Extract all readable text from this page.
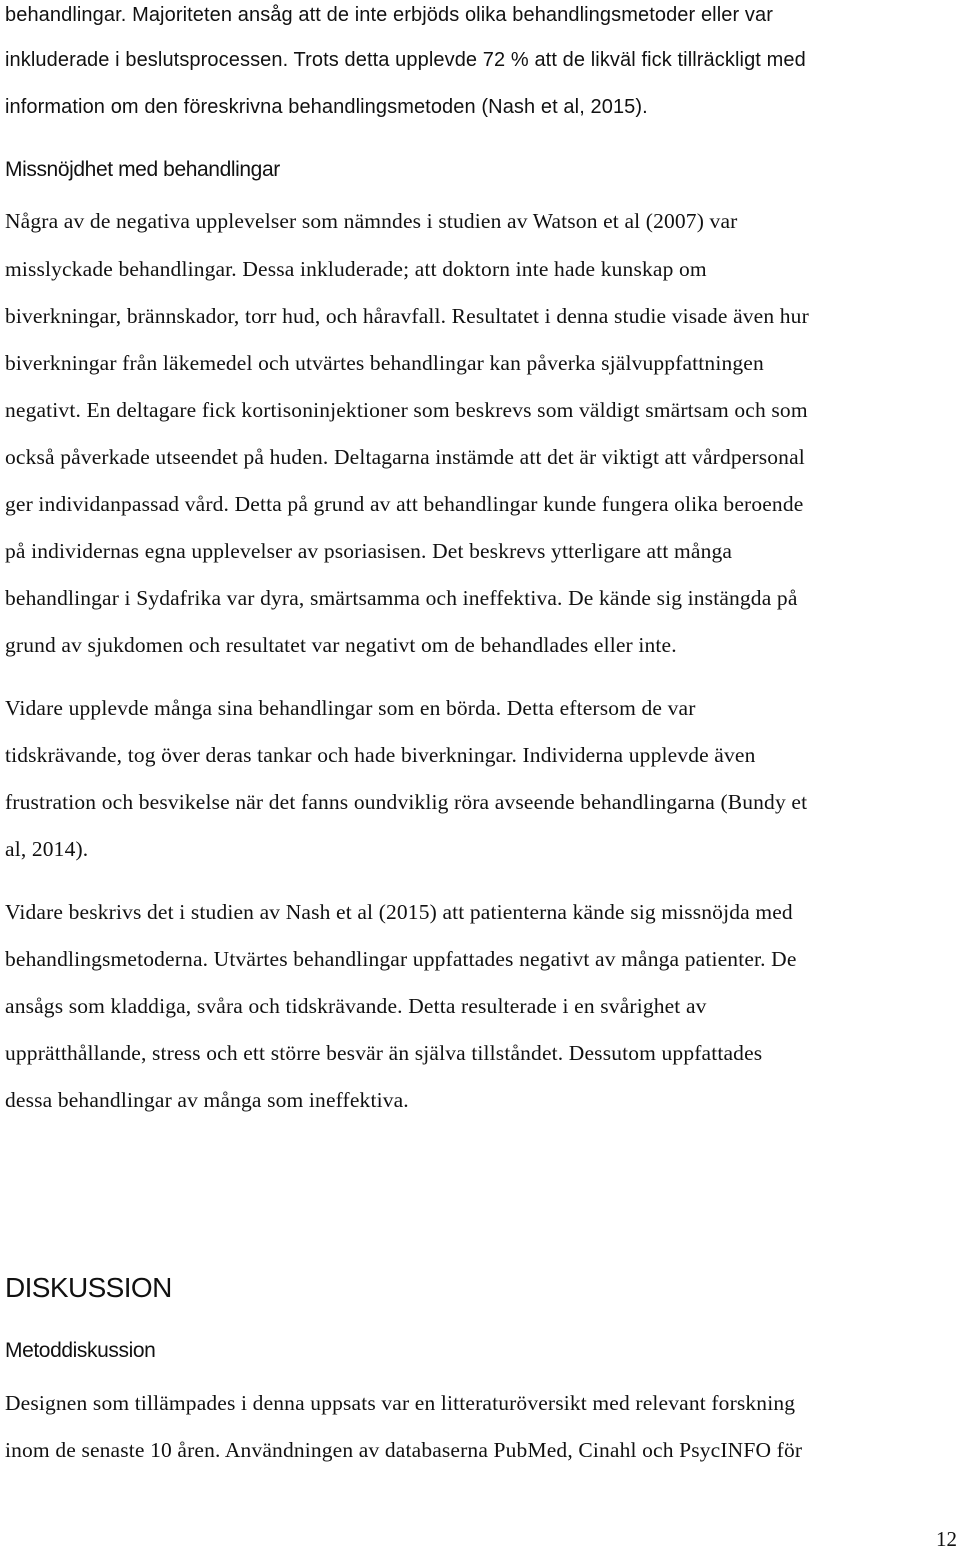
behandlingar. Majoriteten ansåg att de inte erbjöds olika behandlingsmetoder eller var
inkluderade i beslutsprocessen. Trots detta upplevde 72 % att de likväl fick tillräckligt med
information om den föreskrivna behandlingsmetoden (Nash et al, 2015).
Missnöjdhet med behandlingar
Några av de negativa upplevelser som nämndes i studien av Watson et al (2007) var
misslyckade behandlingar. Dessa inkluderade; att doktorn inte hade kunskap om
biverkningar, brännskador, torr hud, och håravfall. Resultatet i denna studie visade även hur
biverkningar från läkemedel och utvärtes behandlingar kan påverka självuppfattningen
negativt. En deltagare fick kortisoninjektioner som beskrevs som väldigt smärtsam och som
också påverkade utseendet på huden. Deltagarna instämde att det är viktigt att vårdpersonal
ger individanpassad vård. Detta på grund av att behandlingar kunde fungera olika beroende
på individernas egna upplevelser av psoriasisen. Det beskrevs ytterligare att många
behandlingar i Sydafrika var dyra, smärtsamma och ineffektiva. De kände sig instängda på
grund av sjukdomen och resultatet var negativt om de behandlades eller inte.
Vidare upplevde många sina behandlingar som en börda. Detta eftersom de var
tidskrävande, tog över deras tankar och hade biverkningar. Individerna upplevde även
frustration och besvikelse när det fanns oundviklig röra avseende behandlingarna (Bundy et
al, 2014).
Vidare beskrivs det i studien av Nash et al (2015) att patienterna kände sig missnöjda med
behandlingsmetoderna. Utvärtes behandlingar uppfattades negativt av många patienter. De
ansågs som kladdiga, svåra och tidskrävande. Detta resulterade i en svårighet av
upprätthållande, stress och ett större besvär än själva tillståndet. Dessutom uppfattades
dessa behandlingar av många som ineffektiva.
DISKUSSION
Metoddiskussion
Designen som tillämpades i denna uppsats var en litteraturöversikt med relevant forskning
inom de senaste 10 åren. Användningen av databaserna PubMed, Cinahl och PsycINFO för
12
